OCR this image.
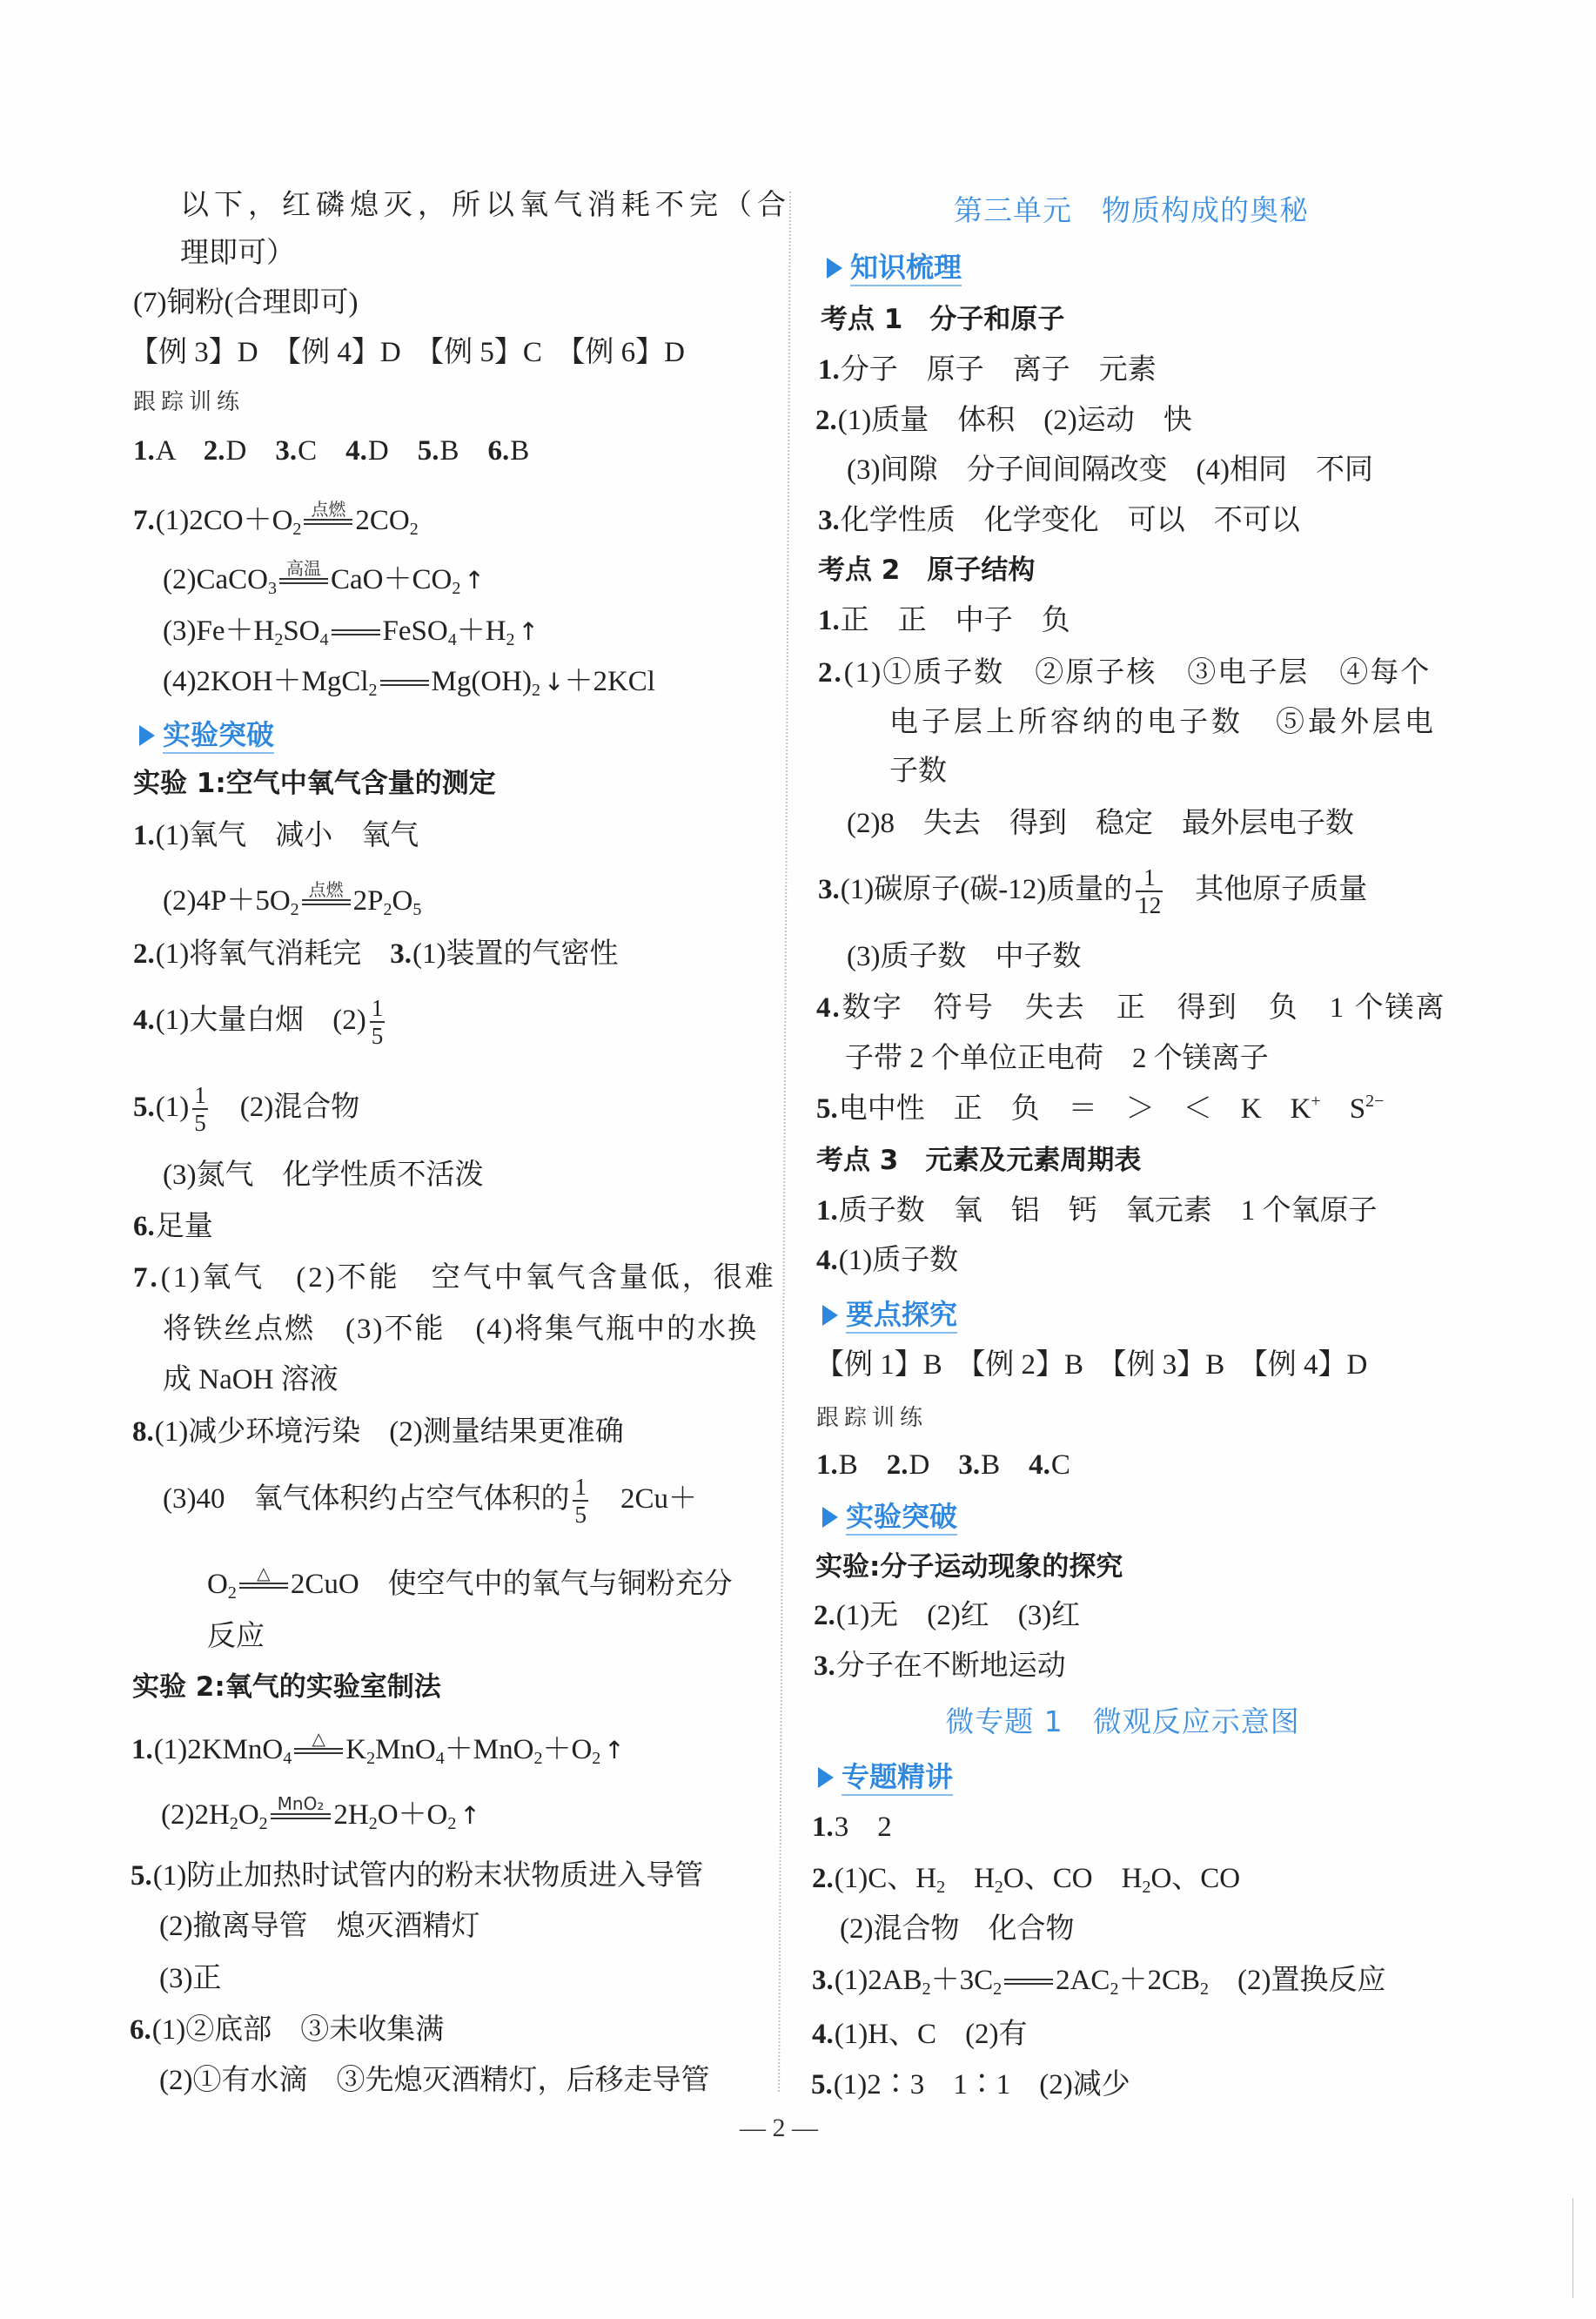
以下，红磷熄灭，所以氧气消耗不完（合
理即可）
(7)铜粉(合理即可)
【例 3】D　【例 4】D　【例 5】C　【例 6】D
跟踪训练
1.A　2.D　3.C　4.D　5.B　6.B
$7.(1)2CO+O_2$
点燃 $2CO_2$
(2)CaCO$_3$
高温 $CaO+CO_2$ ↑
$(3)Fe+H_2SO_4$ $FeSO_4+H_2$ ↑
(4)2KOH＋MgCl$_2$ $Mg(OH)_2$ ↓＋2KCl
实验突破
实验 1:空气中氧气含量的测定
1.(1)氧气　减小　氧气
$(2)4P+5O_2$
点燃 $2P_2O_5$
2.(1)将氧气消耗完　3.(1)装置的气密性
4.(1)大量白烟　$(2) \frac{1}{5}$
$5.(1) \frac{1}{5}$ 　(2)混合物
(3)氮气　化学性质不活泼
6.足量
7.(1)氧气　(2)不能　空气中氧气含量低，很难
将铁丝点燃　(3)不能　(4)将集气瓶中的水换
成 NaOH 溶液
8.(1)减少环境污染　(2)测量结果更准确
(3)40　氧气体积约占空气体积的 $\frac{1}{5}$ 　2Cu＋
$O_2$
△ 2CuO　使空气中的氧气与铜粉充分
反应
实验 2:氧气的实验室制法
1.(1)2KMnO$_4$
△ $K_2MnO_4+MnO_2+O_2$ ↑
$(2)2H_2O_2$
MnO₂ $2H_2O+O_2$ ↑
5.(1)防止加热时试管内的粉末状物质进入导管
(2)撤离导管　熄灭酒精灯
(3)正
6.(1)②底部　③未收集满
(2)①有水滴　③先熄灭酒精灯，后移走导管
第三单元　物质构成的奥秘
知识梳理
考点 1　分子和原子
1.分子　原子　离子　元素
2.(1)质量　体积　(2)运动　快
(3)间隙　分子间间隔改变　(4)相同　不同
3.化学性质　化学变化　可以　不可以
考点 2　原子结构
1.正　正　中子　负
2.(1)①质子数　②原子核　③电子层　④每个
电子层上所容纳的电子数　⑤最外层电
子数
(2)8　失去　得到　稳定　最外层电子数
3.(1)碳原子(碳-12)质量的 $\frac{1}{12}$ 　其他原子质量
(3)质子数　中子数
4.数字　符号　失去　正　得到　负　1 个镁离
子带 2 个单位正电荷　2 个镁离子
5.电中性　正　负　＝　＞　＜　K　K+　$S^{2-}$
考点 3　元素及元素周期表
1.质子数　氧　铝　钙　氧元素　1 个氧原子
4.(1)质子数
要点探究
【例 1】B　【例 2】B　【例 3】B　【例 4】D
跟踪训练
1.B　2.D　3.B　4.C
实验突破
实验:分子运动现象的探究
2.(1)无　(2)红　(3)红
3.分子在不断地运动
微专题 1　微观反应示意图
专题精讲
1.3　2
2.(1)C、$H_2$　$H_2O$、CO　$H_2O$、CO
(2)混合物　化合物
$3.(1)2AB_2+3C_2$ $2AC_2+2CB_2$　(2)置换反应
4.(1)H、C　(2)有
5.(1)2∶3　1∶1　(2)减少
— 2 —
